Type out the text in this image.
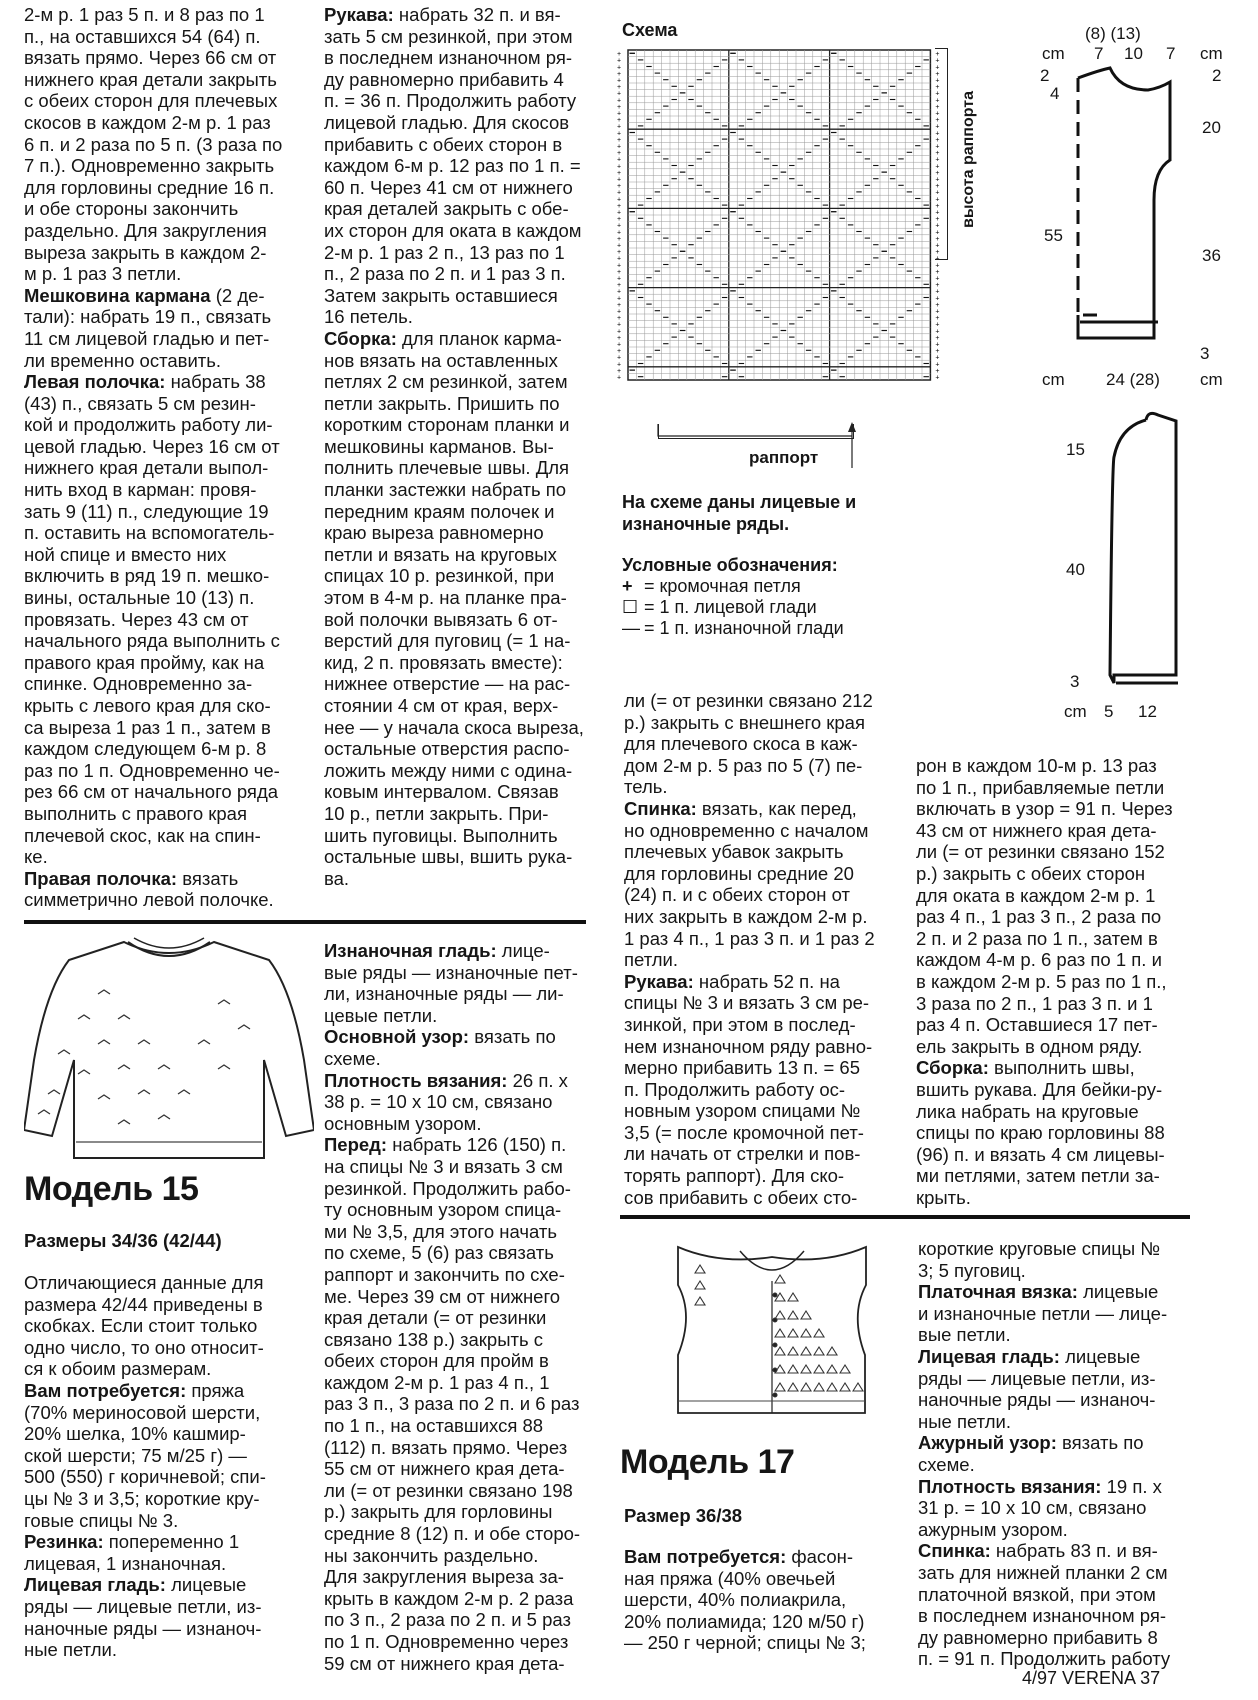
2-м р. 1 раз 5 п. и 8 раз по 1

п., на оставшихся 54 (64) п.

вязать прямо. Через 66 см от

нижнего края детали закрыть

с обеих сторон для плечевых

скосов в каждом 2-м р. 1 раз

6 п. и 2 раза по 5 п. (3 раза по

7 п.). Одновременно закрыть

для горловины средние 16 п.

и обе стороны закончить

раздельно. Для закругления

выреза закрыть в каждом 2-

м р. 1 раз 3 петли.

Мешковина кармана (2 де-

тали): набрать 19 п., связать

11 см лицевой гладью и пет-

ли временно оставить.

Левая полочка: набрать 38

(43) п., связать 5 см резин-

кой и продолжить работу ли-

цевой гладью. Через 16 см от

нижнего края детали выпол-

нить вход в карман: провя-

зать 9 (11) п., следующие 19

п. оставить на вспомогатель-

ной спице и вместо них

включить в ряд 19 п. мешко-

вины, остальные 10 (13) п.

провязать. Через 43 см от

начального ряда выполнить с

правого края пройму, как на

спинке. Одновременно за-

крыть с левого края для ско-

са выреза 1 раз 1 п., затем в

каждом следующем 6-м р. 8

раз по 1 п. Одновременно че-

рез 66 см от начального ряда

выполнить с правого края

плечевой скос, как на спин-

ке.

Правая полочка: вязать

симметрично левой полочке.

Рукава: набрать 32 п. и вя-

зать 5 см резинкой, при этом

в последнем изнаночном ря-

ду равномерно прибавить 4

п. = 36 п. Продолжить работу

лицевой гладью. Для скосов

прибавить с обеих сторон в

каждом 6-м р. 12 раз по 1 п. =

60 п. Через 41 см от нижнего

края деталей закрыть с обе-

их сторон для оката в каждом

2-м р. 1 раз 2 п., 13 раз по 1

п., 2 раза по 2 п. и 1 раз 3 п.

Затем закрыть оставшиеся

16 петель.

Сборка: для планок карма-

нов вязать на оставленных

петлях 2 см резинкой, затем

петли закрыть. Пришить по

коротким сторонам планки и

мешковины карманов. Вы-

полнить плечевые швы. Для

планки застежки набрать по

передним краям полочек и

краю выреза равномерно

петли и вязать на круговых

спицах 10 р. резинкой, при

этом в 4-м р. на планке пра-

вой полочки вывязать 6 от-

верстий для пуговиц (= 1 на-

кид, 2 п. провязать вместе):

нижнее отверстие — на рас-

стоянии 4 см от края, верх-

нее — у начала скоса выреза,

остальные отверстия распо-

ложить между ними с одина-

ковым интервалом. Связав

10 р., петли закрыть. При-

шить пуговицы. Выполнить

остальные швы, вшить рука-

ва.

Схема
+	+
+	+
+	+
+	+
+	+
+	+
+	+
+	+
+	+
+	+
+	+
+	+
+	+
+	+
+	+
+	+
+	+
+	+
+	+
+	+
+	+
+	+
+	+
+	+
+	+
+	+
+	+
+	+
+	+
+	+
+	+
+	+
+	+
+	+
+	+
+	+
+	+
+	+
+	+
+	+
+	+
+	+
+	+
+	+
+	+
+	+
+	+
+	+
+	+
+	+
раппорт
высота раппорта
На схеме даны лицевые и
изнаночные ряды.
Условные обозначения:
+ = кромочная петля
☐ = 1 п. лицевой глади
— = 1 п. изнаночной глади
(8) (13)
cm 7 10 7 cm
2
4
2
20
55
36
3
cm 24 (28) cm
15
40
3
cm 5 12

ли (= от резинки связано 212

р.) закрыть с внешнего края

для плечевого скоса в каж-

дом 2-м р. 5 раз по 5 (7) пе-

тель.

Спинка: вязать, как перед,

но одновременно с началом

плечевых убавок закрыть

для горловины средние 20

(24) п. и с обеих сторон от

них закрыть в каждом 2-м р.

1 раз 4 п., 1 раз 3 п. и 1 раз 2

петли.

Рукава: набрать 52 п. на

спицы № 3 и вязать 3 см ре-

зинкой, при этом в послед-

нем изнаночном ряду равно-

мерно прибавить 13 п. = 65

п. Продолжить работу ос-

новным узором спицами №

3,5 (= после кромочной пет-

ли начать от стрелки и пов-

торять раппорт). Для ско-

сов прибавить с обеих сто-

рон в каждом 10-м р. 13 раз

по 1 п., прибавляемые петли

включать в узор = 91 п. Через

43 см от нижнего края дета-

ли (= от резинки связано 152

р.) закрыть с обеих сторон

для оката в каждом 2-м р. 1

раз 4 п., 1 раз 3 п., 2 раза по

2 п. и 2 раза по 1 п., затем в

каждом 4-м р. 6 раз по 1 п. и

в каждом 2-м р. 5 раз по 1 п.,

3 раза по 2 п., 1 раз 3 п. и 1

раз 4 п. Оставшиеся 17 пет-

ель закрыть в одном ряду.

Сборка: выполнить швы,

вшить рукава. Для бейки-ру-

лика набрать на круговые

спицы по краю горловины 88

(96) п. и вязать 4 см лицевы-

ми петлями, затем петли за-

крыть.

Модель 15
Размеры 34/36 (42/44)

Отличающиеся данные для

размера 42/44 приведены в

скобках. Если стоит только

одно число, то оно относит-

ся к обоим размерам.

Вам потребуется: пряжа

(70% мериносовой шерсти,

20% шелка, 10% кашмир-

ской шерсти; 75 м/25 г) —

500 (550) г коричневой; спи-

цы № 3 и 3,5; короткие кру-

говые спицы № 3.

Резинка: попеременно 1

лицевая, 1 изнаночная.

Лицевая гладь: лицевые

ряды — лицевые петли, из-

наночные ряды — изнаноч-

ные петли.

Изнаночная гладь: лице-

вые ряды — изнаночные пет-

ли, изнаночные ряды — ли-

цевые петли.

Основной узор: вязать по

схеме.

Плотность вязания: 26 п. х

38 р. = 10 х 10 см, связано

основным узором.

Перед: набрать 126 (150) п.

на спицы № 3 и вязать 3 см

резинкой. Продолжить рабо-

ту основным узором спица-

ми № 3,5, для этого начать

по схеме, 5 (6) раз связать

раппорт и закончить по схе-

ме. Через 39 см от нижнего

края детали (= от резинки

связано 138 р.) закрыть с

обеих сторон для пройм в

каждом 2-м р. 1 раз 4 п., 1

раз 3 п., 3 раза по 2 п. и 6 раз

по 1 п., на оставшихся 88

(112) п. вязать прямо. Через

55 см от нижнего края дета-

ли (= от резинки связано 198

р.) закрыть для горловины

средние 8 (12) п. и обе сторо-

ны закончить раздельно.

Для закругления выреза за-

крыть в каждом 2-м р. 2 раза

по 3 п., 2 раза по 2 п. и 5 раз

по 1 п. Одновременно через

59 см от нижнего края дета-

Модель 17
Размер 36/38

Вам потребуется: фасон-

ная пряжа (40% овечьей

шерсти, 40% полиакрила,

20% полиамида; 120 м/50 г)

— 250 г черной; спицы № 3;

короткие круговые спицы №

3; 5 пуговиц.

Платочная вязка: лицевые

и изнаночные петли — лице-

вые петли.

Лицевая гладь: лицевые

ряды — лицевые петли, из-

наночные ряды — изнаноч-

ные петли.

Ажурный узор: вязать по

схеме.

Плотность вязания: 19 п. х

31 р. = 10 х 10 см, связано

ажурным узором.

Спинка: набрать 83 п. и вя-

зать для нижней планки 2 см

платочной вязкой, при этом

в последнем изнаночном ря-

ду равномерно прибавить 8

п. = 91 п. Продолжить работу

4/97 VERENA 37
